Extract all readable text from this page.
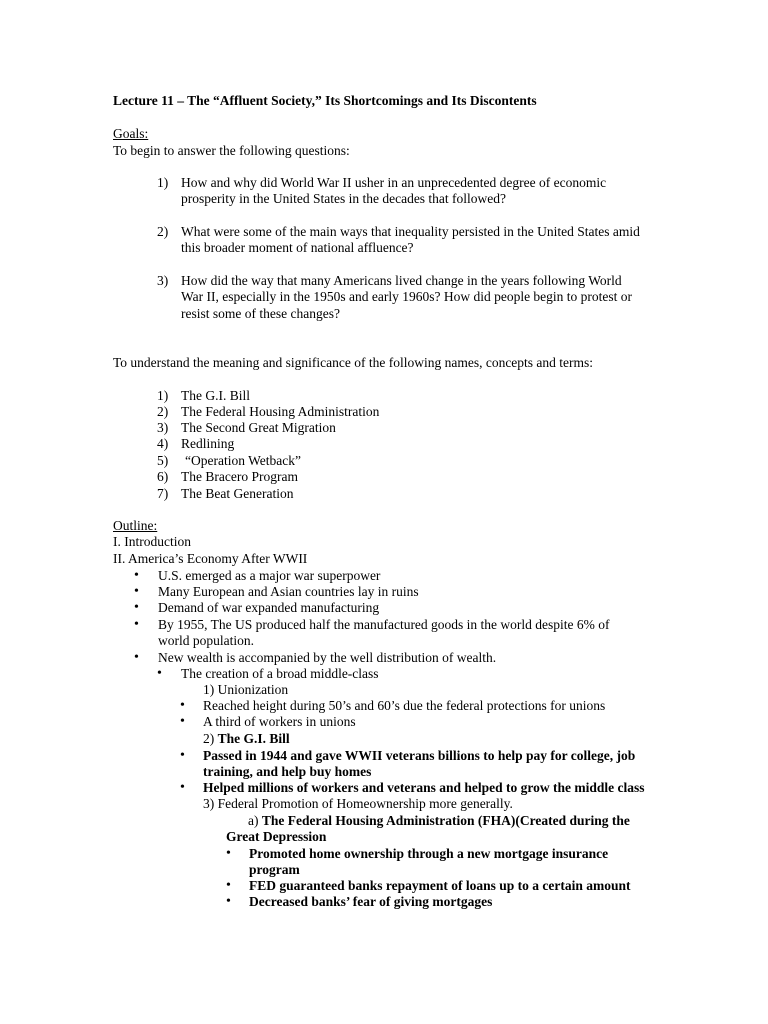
Lecture 11 – The “Affluent Society,” Its Shortcomings and Its Discontents
Goals:
To begin to answer the following questions:
1) How and why did World War II usher in an unprecedented degree of economic
prosperity in the United States in the decades that followed?
2) What were some of the main ways that inequality persisted in the United States amid
this broader moment of national affluence?
3) How did the way that many Americans lived change in the years following World
War II, especially in the 1950s and early 1960s? How did people begin to protest or
resist some of these changes?
To understand the meaning and significance of the following names, concepts and terms:
1) The G.I. Bill
2) The Federal Housing Administration
3) The Second Great Migration
4) Redlining
5) “Operation Wetback”
6) The Bracero Program
7) The Beat Generation
Outline:
I. Introduction
II. America’s Economy After WWII
• U.S. emerged as a major war superpower
• Many European and Asian countries lay in ruins
• Demand of war expanded manufacturing
• By 1955, The US produced half the manufactured goods in the world despite 6% of
world population.
• New wealth is accompanied by the well distribution of wealth.
• The creation of a broad middle-class
1) Unionization
• Reached height during 50’s and 60’s due the federal protections for unions
• A third of workers in unions
2) The G.I. Bill
• Passed in 1944 and gave WWII veterans billions to help pay for college, job
training, and help buy homes
• Helped millions of workers and veterans and helped to grow the middle class
3) Federal Promotion of Homeownership more generally.
a) The Federal Housing Administration (FHA)(Created during the
Great Depression
• Promoted home ownership through a new mortgage insurance
program
• FED guaranteed banks repayment of loans up to a certain amount
• Decreased banks’ fear of giving mortgages
